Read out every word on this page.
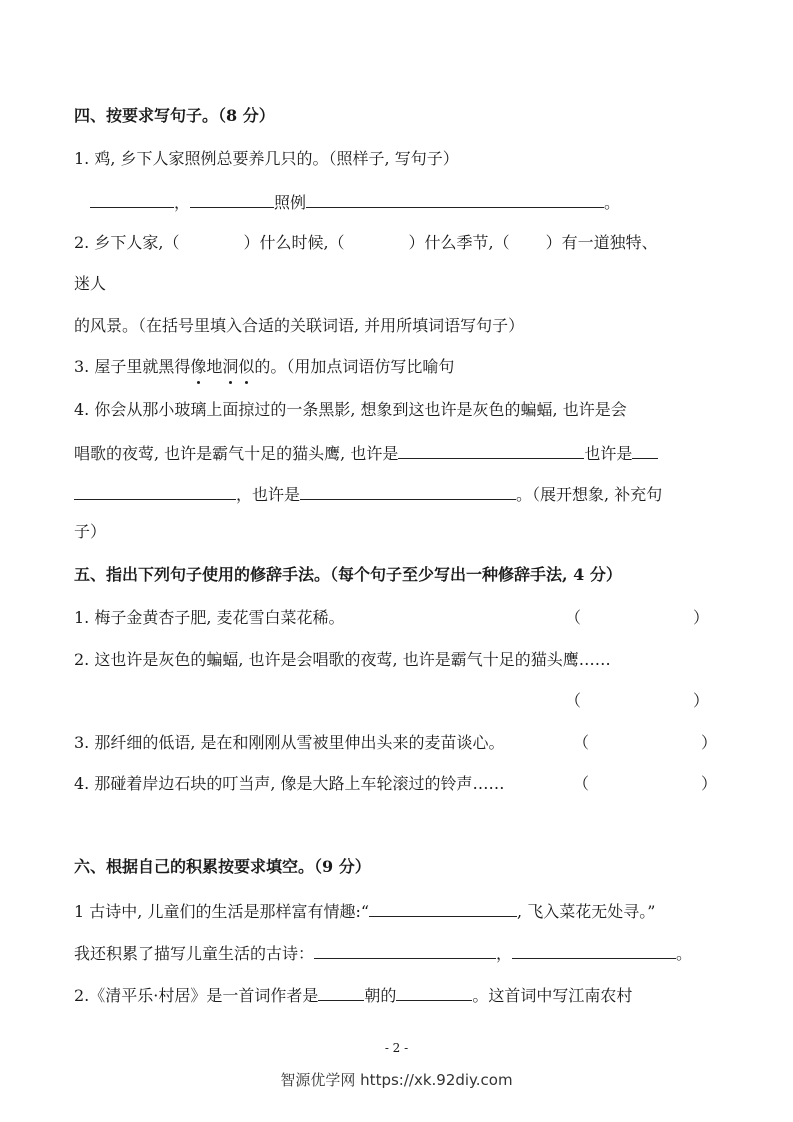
四、按要求写句子。（8 分）
1. 鸡, 乡下人家照例总要养几只的。（照样子, 写句子）
，	照例	。
2. 乡下人家,（	）什么时候,（	）什么季节,（ ）有一道独特、
迷人
的风景。（在括号里填入合适的关联词语, 并用所填词语写句子）
3. 屋子里就黑得像地洞似的。（用加点词语仿写比喻句
4. 你会从那小玻璃上面掠过的一条黑影, 想象到这也许是灰色的蝙蝠, 也许是会
唱歌的夜莺, 也许是霸气十足的猫头鹰, 也许是	也许是
，也许是	。（展开想象, 补充句
子）
五、指出下列句子使用的修辞手法。（每个句子至少写出一种修辞手法, 4 分）
1. 梅子金黄杏子肥, 麦花雪白菜花稀。	（	）
2. 这也许是灰色的蝙蝠, 也许是会唱歌的夜莺, 也许是霸气十足的猫头鹰……
（	）
3. 那纤细的低语, 是在和刚刚从雪被里伸出头来的麦苗谈心。	（	）
4. 那碰着岸边石块的叮当声, 像是大路上车轮滚过的铃声……	（	）
六、根据自己的积累按要求填空。（9 分）
1 古诗中, 儿童们的生活是那样富有情趣:“	, 飞入菜花无处寻。”
我还积累了描写儿童生活的古诗：	，	。
2.《清平乐·村居》是一首词作者是	朝的	。这首词中写江南农村
- 2 -
智源优学网 https://xk.92diy.com
